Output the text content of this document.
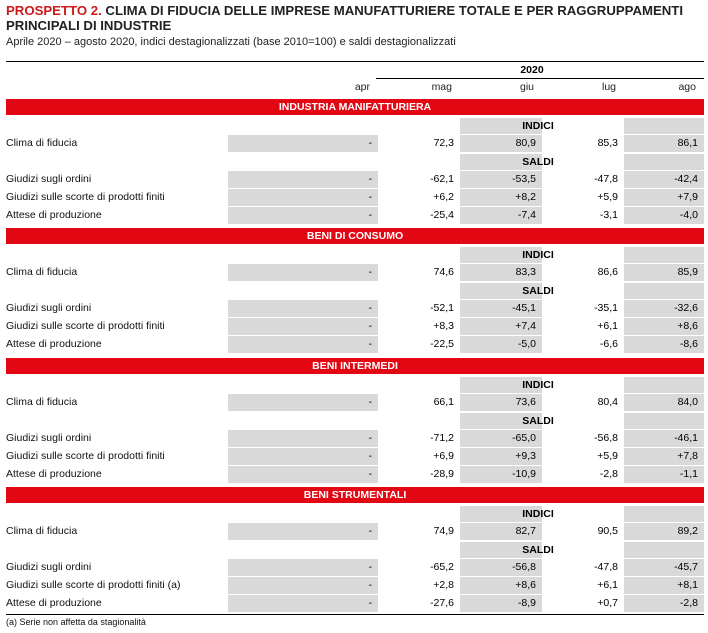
PROSPETTO 2. CLIMA DI FIDUCIA DELLE IMPRESE MANUFATTURIERE TOTALE E PER RAGGRUPPAMENTI PRINCIPALI DI INDUSTRIE
Aprile 2020 – agosto 2020, indici destagionalizzati (base 2010=100) e saldi destagionalizzati
2020
apr	mag	giu	lug	ago
INDUSTRIA MANIFATTURIERA
INDICI
Clima di fiducia	-	72,3	80,9	85,3	86,1
SALDI
Giudizi sugli ordini	-	-62,1	-53,5	-47,8	-42,4
Giudizi sulle scorte di prodotti finiti	-	+6,2	+8,2	+5,9	+7,9
Attese di produzione	-	-25,4	-7,4	-3,1	-4,0
BENI DI CONSUMO
INDICI
Clima di fiducia	-	74,6	83,3	86,6	85,9
SALDI
Giudizi sugli ordini	-	-52,1	-45,1	-35,1	-32,6
Giudizi sulle scorte di prodotti finiti	-	+8,3	+7,4	+6,1	+8,6
Attese di produzione	-	-22,5	-5,0	-6,6	-8,6
BENI INTERMEDI
INDICI
Clima di fiducia	-	66,1	73,6	80,4	84,0
SALDI
Giudizi sugli ordini	-	-71,2	-65,0	-56,8	-46,1
Giudizi sulle scorte di prodotti finiti	-	+6,9	+9,3	+5,9	+7,8
Attese di produzione	-	-28,9	-10,9	-2,8	-1,1
BENI STRUMENTALI
INDICI
Clima di fiducia	-	74,9	82,7	90,5	89,2
SALDI
Giudizi sugli ordini	-	-65,2	-56,8	-47,8	-45,7
Giudizi sulle scorte di prodotti finiti (a)	-	+2,8	+8,6	+6,1	+8,1
Attese di produzione	-	-27,6	-8,9	+0,7	-2,8
(a) Serie non affetta da stagionalità
